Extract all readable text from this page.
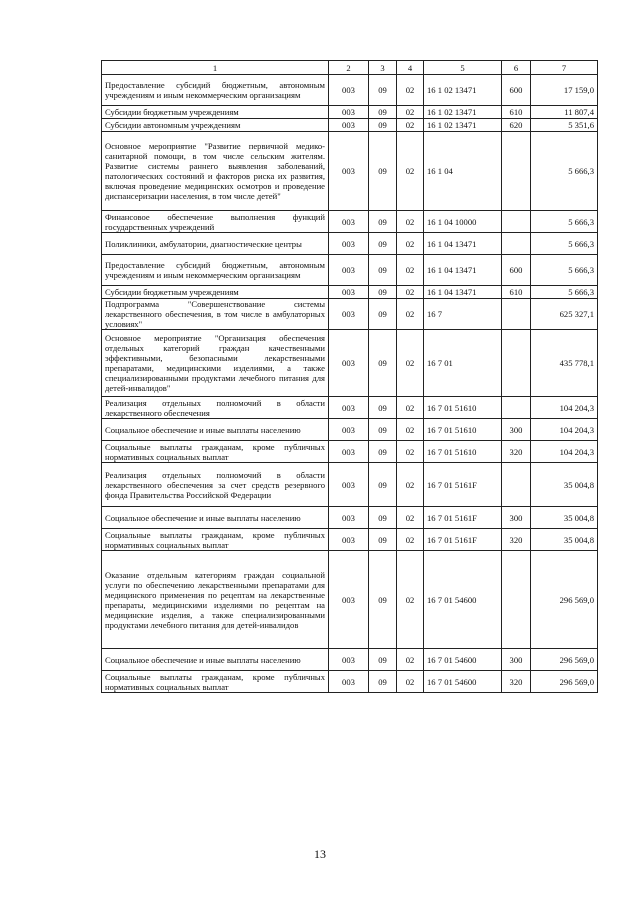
1	2	3	4	5	6	7
Предоставление субсидий бюджетным, автономным учреждениям и иным некоммерческим организациям	003	09	02	16 1 02 13471	600	17 159,0
Субсидии бюджетным учреждениям	003	09	02	16 1 02 13471	610	11 807,4
Субсидии автономным учреждениям	003	09	02	16 1 02 13471	620	5 351,6
Основное мероприятие "Развитие первичной медико-санитарной помощи, в том числе сельским жителям. Развитие системы раннего выявления заболеваний, патологических состояний и факторов риска их развития, включая проведение медицинских осмотров и проведение диспансеризации населения, в том числе детей"	003	09	02	16 1 04		5 666,3
Финансовое обеспечение выполнения функций государственных учреждений	003	09	02	16 1 04 10000		5 666,3
Поликлиники, амбулатории, диагностические центры	003	09	02	16 1 04 13471		5 666,3
Предоставление субсидий бюджетным, автономным учреждениям и иным некоммерческим организациям	003	09	02	16 1 04 13471	600	5 666,3
Субсидии бюджетным учреждениям	003	09	02	16 1 04 13471	610	5 666,3
Подпрограмма "Совершенствование системы лекарственного обеспечения, в том числе в амбулаторных условиях"	003	09	02	16 7		625 327,1
Основное мероприятие "Организация обеспечения отдельных категорий граждан качественными эффективными, безопасными лекарственными препаратами, медицинскими изделиями, а также специализированными продуктами лечебного питания для детей-инвалидов"	003	09	02	16 7 01		435 778,1
Реализация отдельных полномочий в области лекарственного обеспечения	003	09	02	16 7 01 51610		104 204,3
Социальное обеспечение и иные выплаты населению	003	09	02	16 7 01 51610	300	104 204,3
Социальные выплаты гражданам, кроме публичных нормативных социальных выплат	003	09	02	16 7 01 51610	320	104 204,3
Реализация отдельных полномочий в области лекарственного обеспечения за счет средств резервного фонда Правительства Российской Федерации	003	09	02	16 7 01 5161F		35 004,8
Социальное обеспечение и иные выплаты населению	003	09	02	16 7 01 5161F	300	35 004,8
Социальные выплаты гражданам, кроме публичных нормативных социальных выплат	003	09	02	16 7 01 5161F	320	35 004,8
Оказание отдельным категориям граждан социальной услуги по обеспечению лекарственными препаратами для медицинского применения по рецептам на лекарственные препараты, медицинскими изделиями по рецептам на медицинские изделия, а также специализированными продуктами лечебного питания для детей-инвалидов	003	09	02	16 7 01 54600		296 569,0
Социальное обеспечение и иные выплаты населению	003	09	02	16 7 01 54600	300	296 569,0
Социальные выплаты гражданам, кроме публичных нормативных социальных выплат	003	09	02	16 7 01 54600	320	296 569,0
13
